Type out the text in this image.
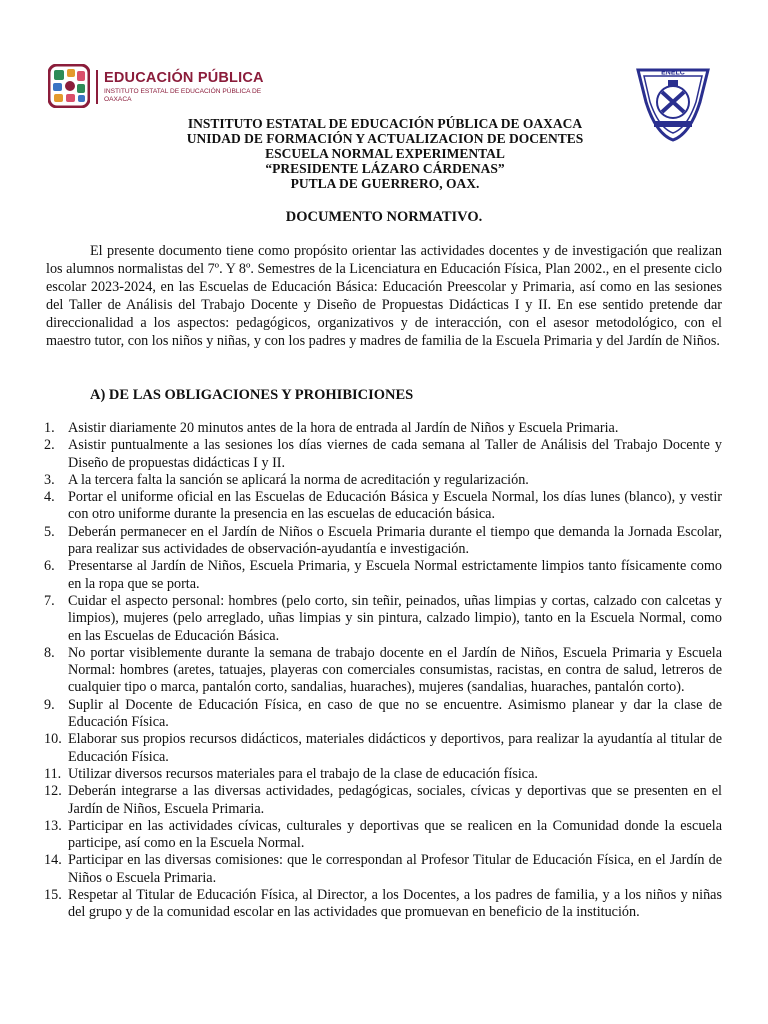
EDUCACIÓN PÚBLICA
INSTITUTO ESTATAL DE EDUCACIÓN PÚBLICA DE OAXACA
ENELC
INSTITUTO ESTATAL DE EDUCACIÓN PÚBLICA DE OAXACA
UNIDAD DE FORMACIÓN Y ACTUALIZACION DE DOCENTES
ESCUELA NORMAL EXPERIMENTAL
“PRESIDENTE LÁZARO CÁRDENAS”
PUTLA DE GUERRERO, OAX.
DOCUMENTO NORMATIVO.

El presente documento tiene como propósito orientar las actividades docentes y de investigación que realizan los alumnos normalistas del 7º. Y 8º. Semestres de la Licenciatura en Educación Física, Plan 2002., en el presente ciclo escolar 2023-2024, en las Escuelas de Educación Básica: Educación Preescolar y Primaria, así como en las sesiones del Taller de Análisis del Trabajo Docente y Diseño de Propuestas Didácticas I y II. En ese sentido pretende dar direccionalidad a los aspectos: pedagógicos, organizativos y de interacción, con el asesor metodológico, con el maestro tutor, con los niños y niñas, y con los padres y madres de familia de la Escuela Primaria y del Jardín de Niños.

A) DE LAS OBLIGACIONES Y PROHIBICIONES
1. Asistir diariamente 20 minutos antes de la hora de entrada al Jardín de Niños y Escuela Primaria.
2. Asistir puntualmente a las sesiones los días viernes de cada semana al Taller de Análisis del Trabajo Docente y Diseño de propuestas didácticas I y II.
3. A la tercera falta la sanción se aplicará la norma de acreditación y regularización.
4. Portar el uniforme oficial en las Escuelas de Educación Básica y Escuela Normal, los días lunes (blanco), y vestir con otro uniforme durante la presencia en las escuelas de educación básica.
5. Deberán permanecer en el Jardín de Niños o Escuela Primaria durante el tiempo que demanda la Jornada Escolar, para realizar sus actividades de observación-ayudantía e investigación.
6. Presentarse al Jardín de Niños, Escuela Primaria, y Escuela Normal estrictamente limpios tanto físicamente como en la ropa que se porta.
7. Cuidar el aspecto personal: hombres (pelo corto, sin teñir, peinados, uñas limpias y cortas, calzado con calcetas y limpios), mujeres (pelo arreglado, uñas limpias y sin pintura, calzado limpio), tanto en la Escuela Normal, como en las Escuelas de Educación Básica.
8. No portar visiblemente durante la semana de trabajo docente en el Jardín de Niños, Escuela Primaria y Escuela Normal: hombres (aretes, tatuajes, playeras con comerciales consumistas, racistas, en contra de salud, letreros de cualquier tipo o marca, pantalón corto, sandalias, huaraches), mujeres (sandalias, huaraches, pantalón corto).
9. Suplir al Docente de Educación Física, en caso de que no se encuentre. Asimismo planear y dar la clase de Educación Física.
10. Elaborar sus propios recursos didácticos, materiales didácticos y deportivos, para realizar la ayudantía al titular de Educación Física.
11. Utilizar diversos recursos materiales para el trabajo de la clase de educación física.
12. Deberán integrarse a las diversas actividades, pedagógicas, sociales, cívicas y deportivas que se presenten en el Jardín de Niños, Escuela Primaria.
13. Participar en las actividades cívicas, culturales y deportivas que se realicen en la Comunidad donde la escuela participe, así como en la Escuela Normal.
14. Participar en las diversas comisiones: que le correspondan al Profesor Titular de Educación Física, en el Jardín de Niños o Escuela Primaria.
15. Respetar al Titular de Educación Física, al Director, a los Docentes, a los padres de familia, y a los niños y niñas del grupo y de la comunidad escolar en las actividades que promuevan en beneficio de la institución.
